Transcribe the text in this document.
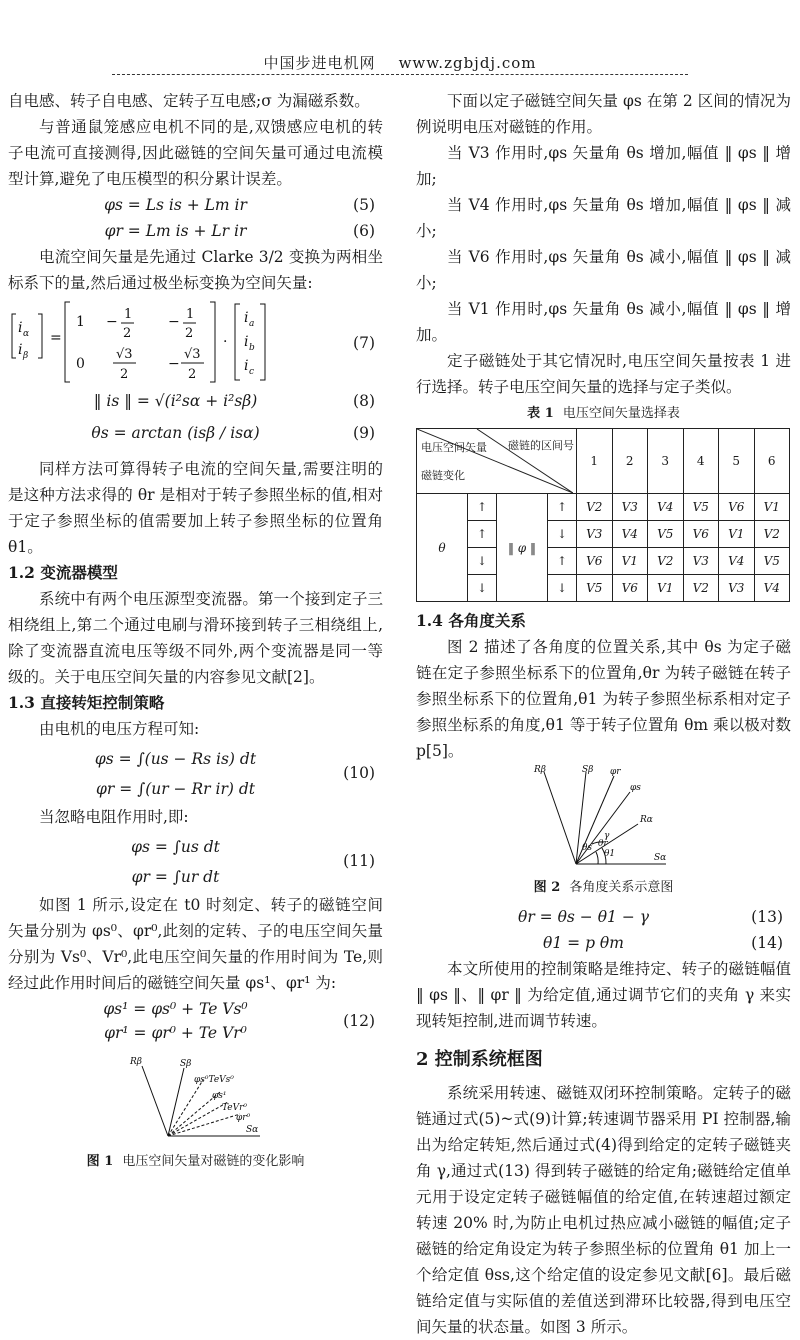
中国步进电机网 www.zgbjdj.com

自电感、转子自电感、定转子互电感;σ 为漏磁系数。

与普通鼠笼感应电机不同的是,双馈感应电机的转子电流可直接测得,因此磁链的空间矢量可通过电流模型计算,避免了电压模型的积分累计误差。

φs = Ls is + Lm ir	(5)
φr = Lm is + Lr ir	(6)

电流空间矢量是先通过 Clarke 3/2 变换为两相坐标系下的量,然后通过极坐标变换为空间矢量:

i α
i β
=
1 − 1
2
− 1
2
0
√3
2
−
√3
2
·
i a
i b
i c
(7)
‖ is ‖ = √(i²sα + i²sβ)	(8)
θs = arctan (isβ / isα)	(9)

同样方法可算得转子电流的空间矢量,需要注明的是这种方法求得的 θr 是相对于转子参照坐标的值,相对于定子参照坐标的值需要加上转子参照坐标的位置角 θ1。

1.2 变流器模型

系统中有两个电压源型变流器。第一个接到定子三相绕组上,第二个通过电刷与滑环接到转子三相绕组上,除了变流器直流电压等级不同外,两个变流器是同一等级的。关于电压空间矢量的内容参见文献[2]。

1.3 直接转矩控制策略

由电机的电压方程可知:

φs = ∫(us − Rs is) dt
φr = ∫(ur − Rr ir) dt
(10)

当忽略电阻作用时,即:

φs = ∫us dt
φr = ∫ur dt
(11)

如图 1 所示,设定在 t0 时刻定、转子的磁链空间矢量分别为 φs⁰、φr⁰,此刻的定转、子的电压空间矢量分别为 Vs⁰、Vr⁰,此电压空间矢量的作用时间为 Te,则经过此作用时间后的磁链空间矢量 φs¹、φr¹ 为:

φs¹ = φs⁰ + Te Vs⁰
φr¹ = φr⁰ + Te Vr⁰
(12)
Rβ	Sβ
Sα
φs⁰TeVs⁰
φs¹
TeVr⁰
φr⁰
图 1 电压空间矢量对磁链的变化影响

下面以定子磁链空间矢量 φs 在第 2 区间的情况为例说明电压对磁链的作用。

当 V3 作用时,φs 矢量角 θs 增加,幅值 ‖ φs ‖ 增加;

当 V4 作用时,φs 矢量角 θs 增加,幅值 ‖ φs ‖ 减小;

当 V6 作用时,φs 矢量角 θs 减小,幅值 ‖ φs ‖ 减小;

当 V1 作用时,φs 矢量角 θs 减小,幅值 ‖ φs ‖ 增加。

定子磁链处于其它情况时,电压空间矢量按表 1 进行选择。转子电压空间矢量的选择与定子类似。

表 1 电压空间矢量选择表
电压空间矢量 磁链的区间号
磁链变化				1	2	3	4	5	6
θ	↑	‖ φ ‖	↑	V2	V3	V4	V5	V6	V1
	↑		↓	V3	V4	V5	V6	V1	V2
	↓		↑	V6	V1	V2	V3	V4	V5
	↓		↓	V5	V6	V1	V2	V3	V4
1.4 各角度关系

图 2 描述了各角度的位置关系,其中 θs 为定子磁链在定子参照坐标系下的位置角,θr 为转子磁链在转子参照坐标系下的位置角,θ1 为转子参照坐标系相对定子参照坐标系的角度,θ1 等于转子位置角 θm 乘以极对数 p[5]。

Rβ	Sβ
Sα
Rα
φr
φs
γ
θr
θ1
θs
图 2 各角度关系示意图
θr = θs − θ1 − γ	(13)
θ1 = p θm	(14)

本文所使用的控制策略是维持定、转子的磁链幅值 ‖ φs ‖、‖ φr ‖ 为给定值,通过调节它们的夹角 γ 来实现转矩控制,进而调节转速。

2 控制系统框图

系统采用转速、磁链双闭环控制策略。定转子的磁链通过式(5)~式(9)计算;转速调节器采用 PI 控制器,输出为给定转矩,然后通过式(4)得到给定的定转子磁链夹角 γ,通过式(13) 得到转子磁链的给定角;磁链给定值单元用于设定定转子磁链幅值的给定值,在转速超过额定转速 20% 时,为防止电机过热应减小磁链的幅值;定子磁链的给定角设定为转子参照坐标的位置角 θ1 加上一个给定值 θss,这个给定值的设定参见文献[6]。最后磁链给定值与实际值的差值送到滞环比较器,得到电压空间矢量的状态量。如图 3 所示。
